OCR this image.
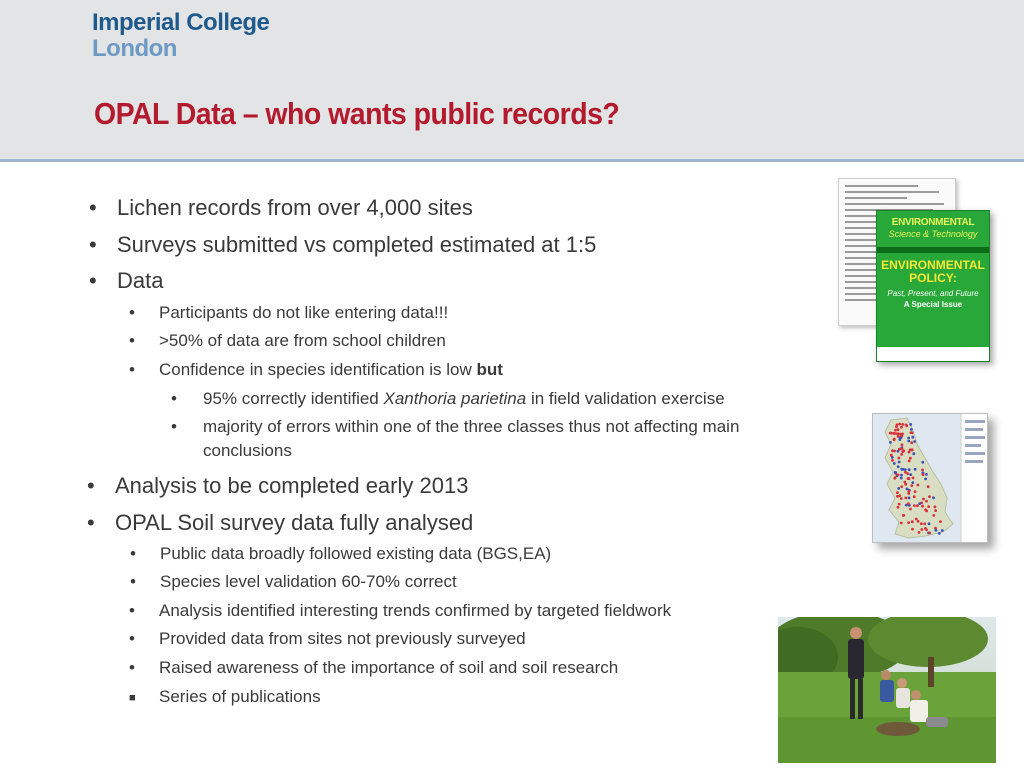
Imperial College
London
OPAL Data – who wants public records?
• Lichen records from over 4,000 sites
• Surveys submitted vs completed estimated at 1:5
• Data
• Participants do not like entering data!!!
• >50% of data are from school children
• Confidence in species identification is low but
• 95% correctly identified Xanthoria parietina in field validation exercise
• majority of errors within one of the three classes thus not affecting main
conclusions
• Analysis to be completed early 2013
• OPAL Soil survey data fully analysed
• Public data broadly followed existing data (BGS,EA)
• Species level validation 60-70% correct
• Analysis identified interesting trends confirmed by targeted fieldwork
• Provided data from sites not previously surveyed
• Raised awareness of the importance of soil and soil research
■ Series of publications
ENVIRONMENTAL
Science & Technology
ENVIRONMENTAL
POLICY:
Past, Present, and Future
A Special Issue
